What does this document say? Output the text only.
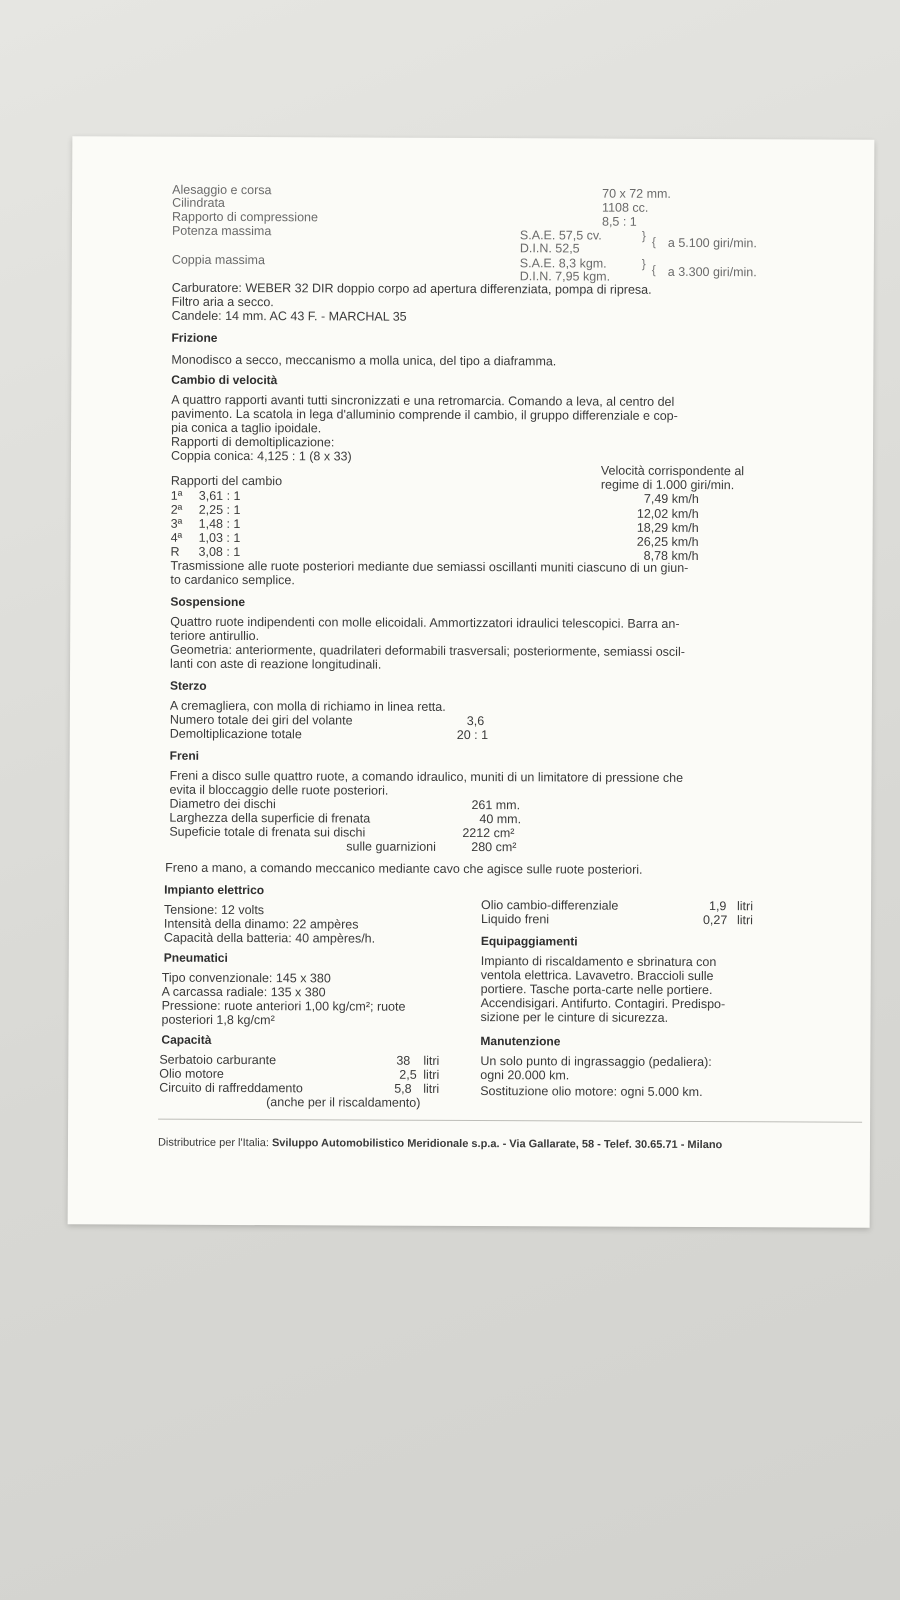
Alesaggio e corsa	70 x 72 mm.
Cilindrata	1108 cc.
Rapporto di compressione	8,5 : 1
Potenza massima	S.A.E. 57,5 cv.
D.I.N. 52,5
} { a 5.100 giri/min.
Coppia massima	S.A.E. 8,3 kgm.
D.I.N. 7,95 kgm.
} { a 3.300 giri/min.
Carburatore: WEBER 32 DIR doppio corpo ad apertura differenziata, pompa di ripresa.
Filtro aria a secco.
Candele: 14 mm. AC 43 F. - MARCHAL 35
Frizione
Monodisco a secco, meccanismo a molla unica, del tipo a diaframma.
Cambio di velocità
A quattro rapporti avanti tutti sincronizzati e una retromarcia. Comando a leva, al centro del
pavimento. La scatola in lega d'alluminio comprende il cambio, il gruppo differenziale e cop-
pia conica a taglio ipoidale.
Rapporti di demoltiplicazione:
Coppia conica: 4,125 : 1 (8 x 33)
Velocità corrispondente al
regime di 1.000 giri/min.
Rapporti del cambio
1ª 3,61 : 1	7,49 km/h
2ª 2,25 : 1	12,02 km/h
3ª 1,48 : 1	18,29 km/h
4ª 1,03 : 1	26,25 km/h
R 3,08 : 1	8,78 km/h
Trasmissione alle ruote posteriori mediante due semiassi oscillanti muniti ciascuno di un giun-
to cardanico semplice.
Sospensione
Quattro ruote indipendenti con molle elicoidali. Ammortizzatori idraulici telescopici. Barra an-
teriore antirullio.
Geometria: anteriormente, quadrilateri deformabili trasversali; posteriormente, semiassi oscil-
lanti con aste di reazione longitudinali.
Sterzo
A cremagliera, con molla di richiamo in linea retta.
Numero totale dei giri del volante	3,6
Demoltiplicazione totale	20 : 1
Freni
Freni a disco sulle quattro ruote, a comando idraulico, muniti di un limitatore di pressione che
evita il bloccaggio delle ruote posteriori.
Diametro dei dischi	261 mm.
Larghezza della superficie di frenata	40 mm.
Supeficie totale di frenata sui dischi	2212 cm²
sulle guarnizioni	280 cm²
Freno a mano, a comando meccanico mediante cavo che agisce sulle ruote posteriori.
Impianto elettrico
Tensione: 12 volts
Intensità della dinamo: 22 ampères
Capacità della batteria: 40 ampères/h.
Pneumatici
Tipo convenzionale: 145 x 380
A carcassa radiale: 135 x 380
Pressione: ruote anteriori 1,00 kg/cm²; ruote
posteriori 1,8 kg/cm²
Capacità
Serbatoio carburante	38 litri
Olio motore	2,5 litri
Circuito di raffreddamento	5,8 litri
(anche per il riscaldamento)
Olio cambio-differenziale	1,9 litri
Liquido freni	0,27 litri
Equipaggiamenti
Impianto di riscaldamento e sbrinatura con
ventola elettrica. Lavavetro. Braccioli sulle
portiere. Tasche porta-carte nelle portiere.
Accendisigari. Antifurto. Contagiri. Predispo-
sizione per le cinture di sicurezza.
Manutenzione
Un solo punto di ingrassaggio (pedaliera):
ogni 20.000 km.
Sostituzione olio motore: ogni 5.000 km.
Distributrice per l'Italia: Sviluppo Automobilistico Meridionale s.p.a. - Via Gallarate, 58 - Telef. 30.65.71 - Milano
